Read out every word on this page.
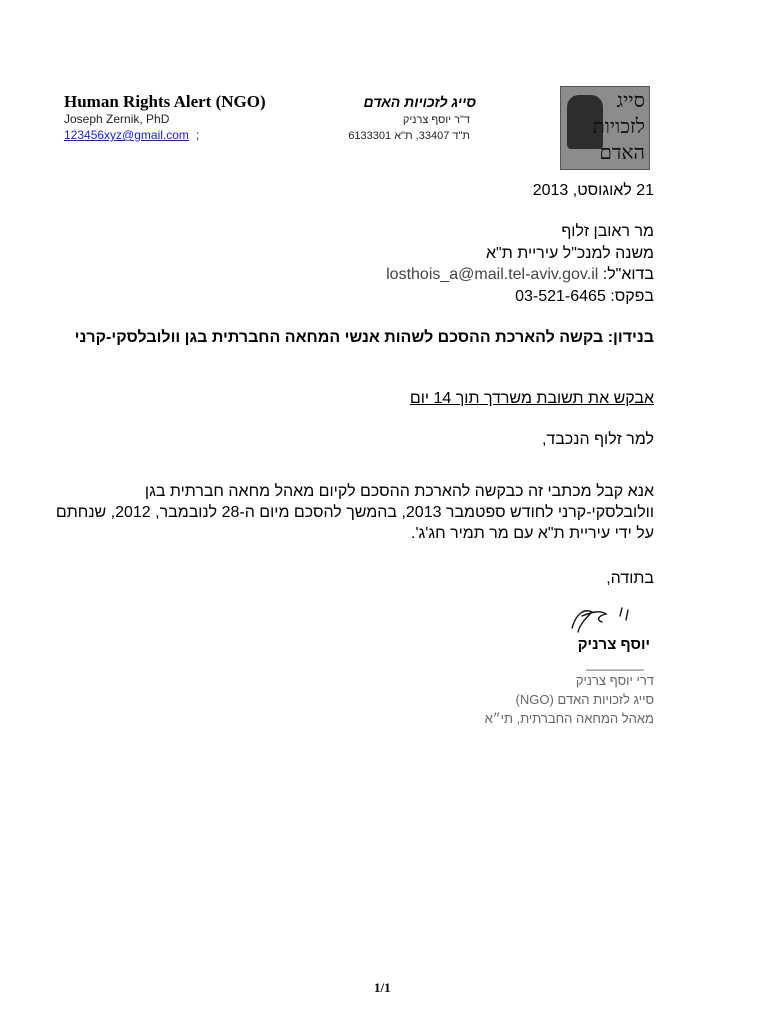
Human Rights Alert (NGO)
Joseph Zernik, PhD
123456xyz@gmail.com ;
סייג לזכויות האדם
ד"ר יוסף צרניק
ת"ד 33407, ת"א 6133301
סייג
לזכויות
האדם
21 לאוגוסט, 2013
מר ראובן זלוף
משנה למנכ"ל עיריית ת"א
בדוא"ל: losthois_a@mail.tel-aviv.gov.il
בפקס: 03-521-6465
בנידון: בקשה להארכת ההסכם לשהות אנשי המחאה החברתית בגן וולובלסקי-קרני
אבקש את תשובת משרדך תוך 14 יום
למר זלוף הנכבד,
אנא קבל מכתבי זה כבקשה להארכת ההסכם לקיום מאהל מחאה חברתית בגן וולובלסקי-קרני לחודש ספטמבר 2013, בהמשך להסכם מיום ה-28 לנובמבר, 2012, שנחתם על ידי עיריית ת"א עם מר תמיר חג'ג'.
בתודה,
יוסף צרניק
________
דרי יוסף צרניק
סייג לזכויות האדם (NGO)
מאהל המחאה החברתית, תי״א
1/1
